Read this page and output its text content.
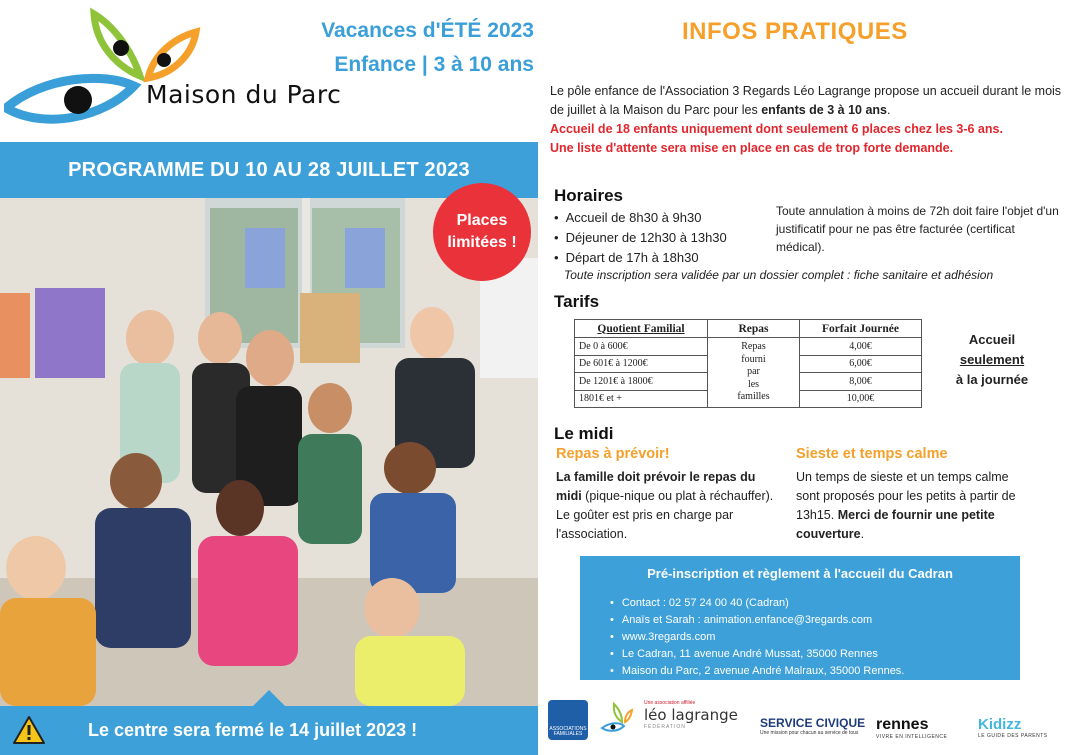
Maison du Parc
Vacances d'ÉTÉ 2023
Enfance | 3 à 10 ans
PROGRAMME DU 10 AU 28 JUILLET 2023
Places
limitées !
Le centre sera fermé le 14 juillet 2023 !
INFOS PRATIQUES
Le pôle enfance de l'Association 3 Regards Léo Lagrange propose un accueil durant le mois de juillet à la Maison du Parc pour les enfants de 3 à 10 ans.
Accueil de 18 enfants uniquement dont seulement 6 places chez les 3-6 ans.
Une liste d'attente sera mise en place en cas de trop forte demande.
Horaires
• Accueil de 8h30 à 9h30
• Déjeuner de 12h30 à 13h30
• Départ de 17h à 18h30
Toute annulation à moins de 72h doit faire l'objet d'un justificatif pour ne pas être facturée (certificat médical).
Toute inscription sera validée par un dossier complet : fiche sanitaire et adhésion
Tarifs
Quotient Familial	Repas	Forfait Journée
De 0 à 600€	Repas
fourni
par
les
familles	4,00€
De 601€ à 1200€		6,00€
De 1201€ à 1800€		8,00€
1801€ et +		10,00€
Accueil
seulement
à la journée
Le midi
Repas à prévoir!	Sieste et temps calme
La famille doit prévoir le repas du midi (pique-nique ou plat à réchauffer). Le goûter est pris en charge par l'association.
Un temps de sieste et un temps calme sont proposés pour les petits à partir de 13h15. Merci de fournir une petite couverture.
Pré-inscription et règlement à l'accueil du Cadran
• Contact : 02 57 24 00 40 (Cadran)
• Anaïs et Sarah : animation.enfance@3regards.com
• www.3regards.com
• Le Cadran, 11 avenue André Mussat, 35000 Rennes
• Maison du Parc, 2 avenue André Malraux, 35000 Rennes.
ASSOCIATIONS FAMILIALES
Une association affiliée
léo lagrange
FÉDÉRATION	SERVICE CIVIQUE
Une mission pour chacun au service de tous	rennes
VIVRE EN INTELLIGENCE
Kidizz
LE GUIDE DES PARENTS
